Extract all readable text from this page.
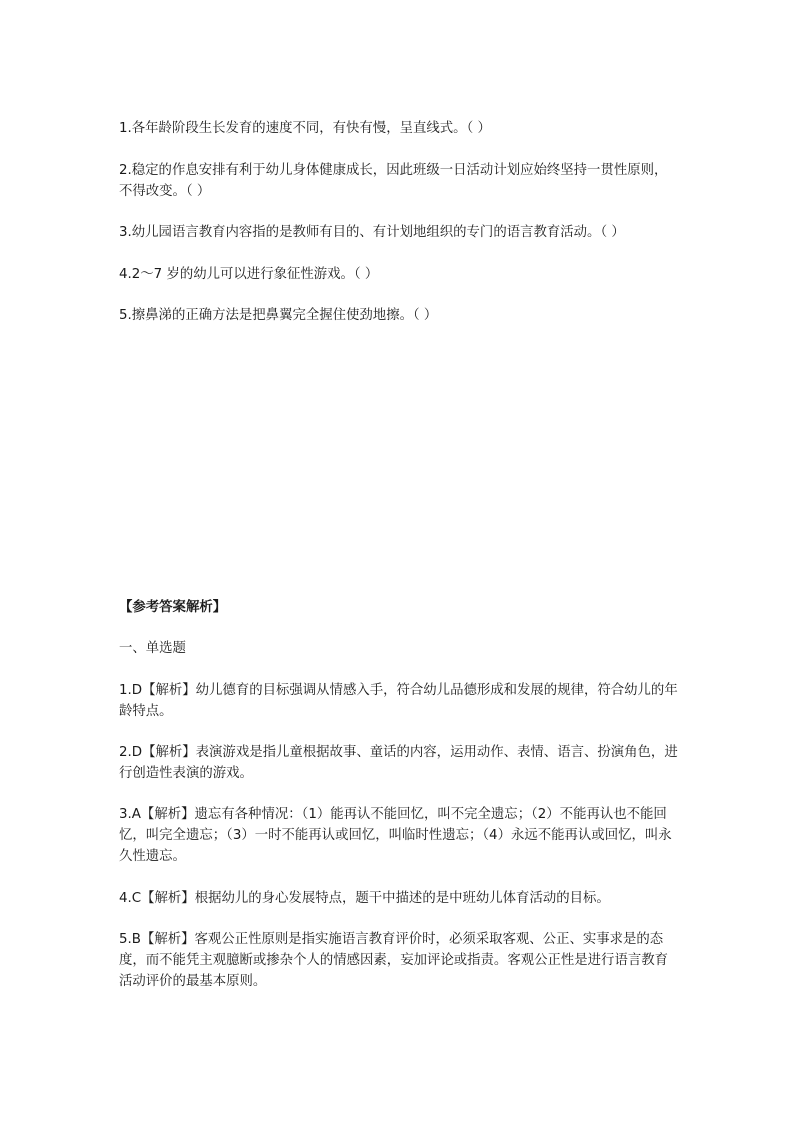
1.各年龄阶段生长发育的速度不同，有快有慢，呈直线式。（ ）

2.稳定的作息安排有利于幼儿身体健康成长，因此班级一日活动计划应始终坚持一贯性原则，不得改变。（ ）

3.幼儿园语言教育内容指的是教师有目的、有计划地组织的专门的语言教育活动。（ ）

4.2～7 岁的幼儿可以进行象征性游戏。（ ）

5.擦鼻涕的正确方法是把鼻翼完全握住使劲地擦。（ ）

【参考答案解析】

一、单选题

1.D【解析】幼儿德育的目标强调从情感入手，符合幼儿品德形成和发展的规律，符合幼儿的年龄特点。

2.D【解析】表演游戏是指儿童根据故事、童话的内容，运用动作、表情、语言、扮演角色，进行创造性表演的游戏。

3.A【解析】遗忘有各种情况：（1）能再认不能回忆，叫不完全遗忘；（2）不能再认也不能回忆，叫完全遗忘；（3）一时不能再认或回忆，叫临时性遗忘；（4）永远不能再认或回忆，叫永久性遗忘。

4.C【解析】根据幼儿的身心发展特点，题干中描述的是中班幼儿体育活动的目标。

5.B【解析】客观公正性原则是指实施语言教育评价时，必须采取客观、公正、实事求是的态度，而不能凭主观臆断或掺杂个人的情感因素，妄加评论或指责。客观公正性是进行语言教育活动评价的最基本原则。
